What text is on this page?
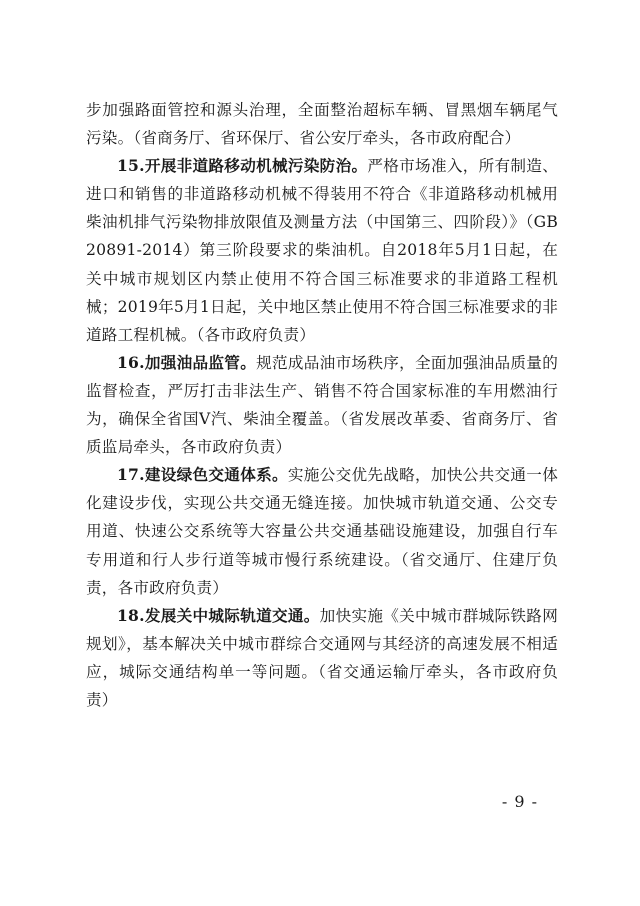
步加强路面管控和源头治理，全面整治超标车辆、冒黑烟车辆尾气污染。（省商务厅、省环保厅、省公安厅牵头，各市政府配合）

15.开展非道路移动机械污染防治。严格市场准入，所有制造、进口和销售的非道路移动机械不得装用不符合《非道路移动机械用柴油机排气污染物排放限值及测量方法（中国第三、四阶段）》（GB20891-2014）第三阶段要求的柴油机。自2018年5月1日起，在关中城市规划区内禁止使用不符合国三标准要求的非道路工程机械；2019年5月1日起，关中地区禁止使用不符合国三标准要求的非道路工程机械。（各市政府负责）

16.加强油品监管。规范成品油市场秩序，全面加强油品质量的监督检查，严厉打击非法生产、销售不符合国家标准的车用燃油行为，确保全省国Ⅴ汽、柴油全覆盖。（省发展改革委、省商务厅、省质监局牵头，各市政府负责）

17.建设绿色交通体系。实施公交优先战略，加快公共交通一体化建设步伐，实现公共交通无缝连接。加快城市轨道交通、公交专用道、快速公交系统等大容量公共交通基础设施建设，加强自行车专用道和行人步行道等城市慢行系统建设。（省交通厅、住建厅负责，各市政府负责）

18.发展关中城际轨道交通。加快实施《关中城市群城际铁路网规划》，基本解决关中城市群综合交通网与其经济的高速发展不相适应，城际交通结构单一等问题。（省交通运输厅牵头，各市政府负责）

- 9 -
